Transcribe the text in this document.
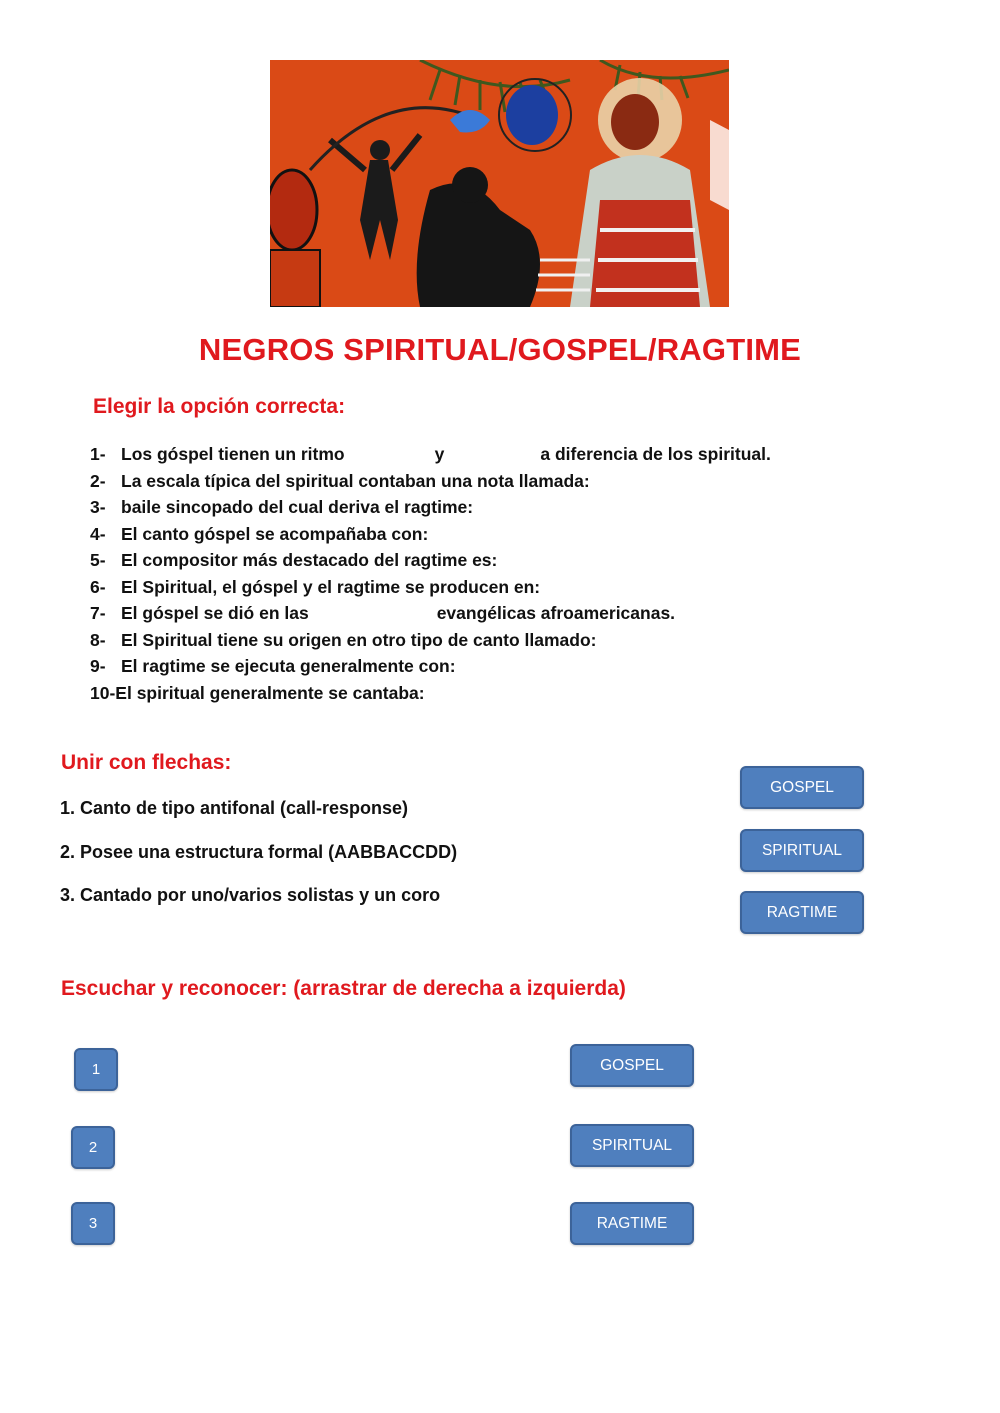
NEGROS SPIRITUAL/GOSPEL/RAGTIME
Elegir la opción correcta:
1- Los góspel tienen un ritmo	y	a diferencia de los spiritual.
2- La escala típica del spiritual contaban una nota llamada:
3- baile sincopado del cual deriva el ragtime:
4- El canto góspel se acompañaba con:
5- El compositor más destacado del ragtime es:
6- El Spiritual, el góspel y el ragtime se producen en:
7- El góspel se dió en las	evangélicas afroamericanas.
8- El Spiritual tiene su origen en otro tipo de canto llamado:
9- El ragtime se ejecuta generalmente con:
10-El spiritual generalmente se cantaba:
Unir con flechas:
1. Canto de tipo antifonal (call-response)
2. Posee una estructura formal (AABBACCDD)
3. Cantado por uno/varios solistas y un coro
GOSPEL
SPIRITUAL
RAGTIME
Escuchar y reconocer: (arrastrar de derecha a izquierda)
1
2
3
GOSPEL
SPIRITUAL
RAGTIME
